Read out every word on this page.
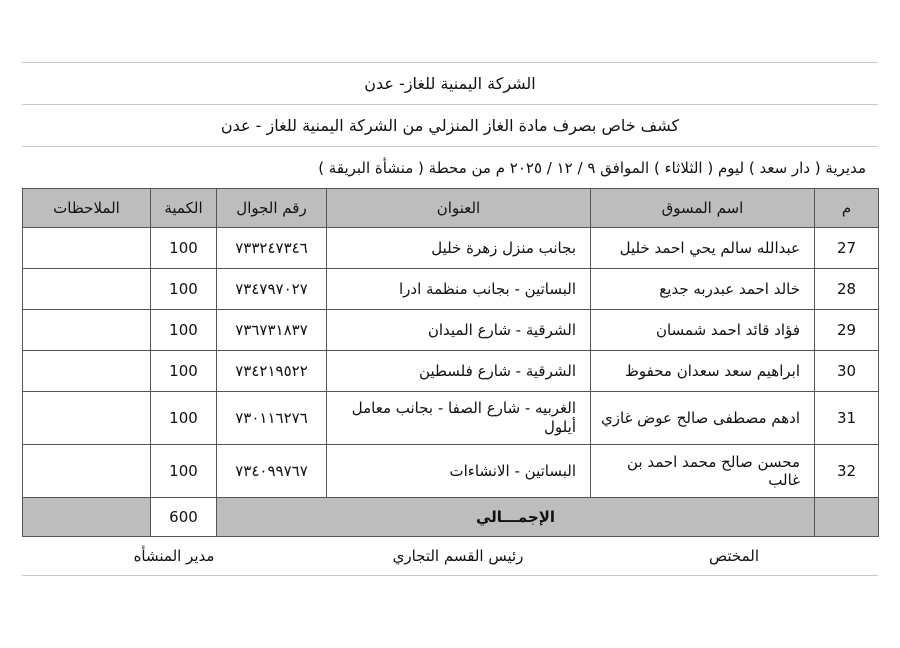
الشركة اليمنية للغاز- عدن
كشف خاص بصرف مادة الغاز المنزلي من الشركة اليمنية للغاز - عدن
مديرية ( دار سعد ) ليوم ( الثلاثاء ) الموافق ٩ / ١٢ / ٢٠٢٥ م من محطة ( منشأة البريقة )
م	اسم المسوق	العنوان	رقم الجوال	الكمية	الملاحظات
27	عبدالله سالم يحي احمد خليل	بجانب منزل زهرة خليل	٧٣٣٢٤٧٣٤٦	100	
28	خالد احمد عبدربه جديع	البساتين - بجانب منظمة ادرا	٧٣٤٧٩٧٠٢٧	100	
29	فؤاد قائد احمد شمسان	الشرقية - شارع الميدان	٧٣٦٧٣١٨٣٧	100	
30	ابراهيم سعد سعدان محفوظ	الشرقية - شارع فلسطين	٧٣٤٢١٩٥٢٢	100	
31	ادهم مصطفى صالح عوض غازي	الغربيه - شارع الصفا - بجانب معامل أيلول	٧٣٠١١٦٢٧٦	100	
32	محسن صالح محمد احمد بن غالب	البساتين - الانشاءات	٧٣٤٠٩٩٧٦٧	100	
	الإجمـــالي			600	
المختص
رئيس القسم التجاري
مدير المنشأه
